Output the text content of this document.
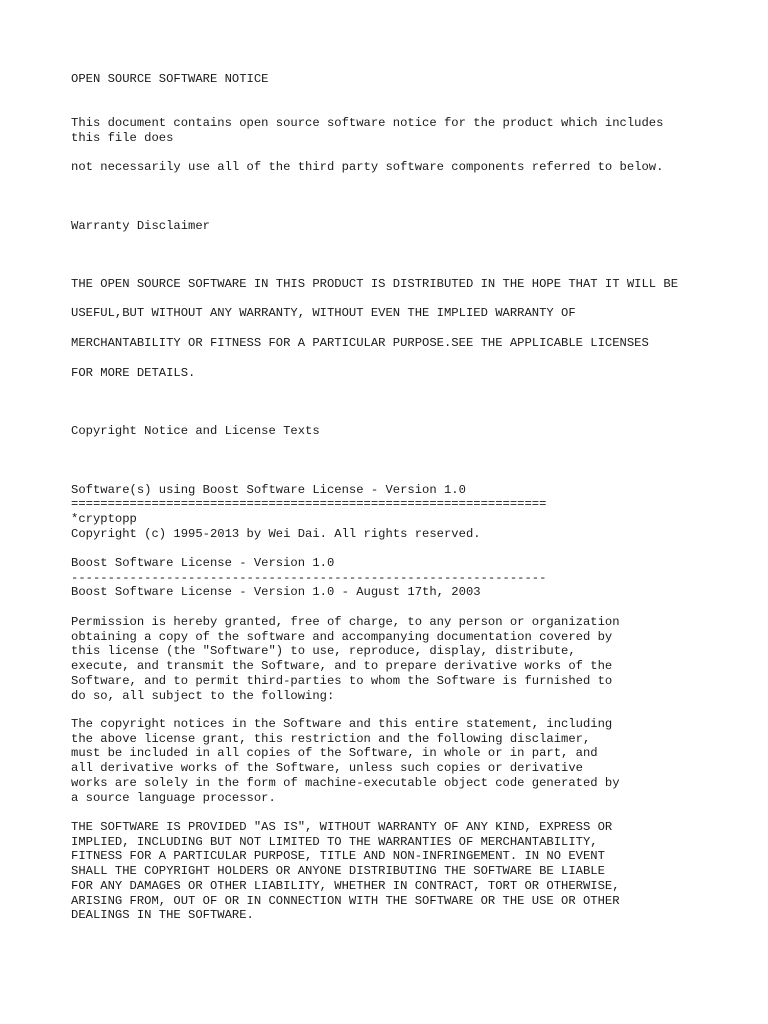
OPEN SOURCE SOFTWARE NOTICE
This document contains open source software notice for the product which includes
this file does
not necessarily use all of the third party software components referred to below.
Warranty Disclaimer
THE OPEN SOURCE SOFTWARE IN THIS PRODUCT IS DISTRIBUTED IN THE HOPE THAT IT WILL BE
USEFUL,BUT WITHOUT ANY WARRANTY, WITHOUT EVEN THE IMPLIED WARRANTY OF
MERCHANTABILITY OR FITNESS FOR A PARTICULAR PURPOSE.SEE THE APPLICABLE LICENSES
FOR MORE DETAILS.
Copyright Notice and License Texts
Software(s) using Boost Software License - Version 1.0
=================================================================
*cryptopp
Copyright (c) 1995-2013 by Wei Dai. All rights reserved.
Boost Software License - Version 1.0
-----------------------------------------------------------------
Boost Software License - Version 1.0 - August 17th, 2003
Permission is hereby granted, free of charge, to any person or organization
obtaining a copy of the software and accompanying documentation covered by
this license (the "Software") to use, reproduce, display, distribute,
execute, and transmit the Software, and to prepare derivative works of the
Software, and to permit third-parties to whom the Software is furnished to
do so, all subject to the following:
The copyright notices in the Software and this entire statement, including
the above license grant, this restriction and the following disclaimer,
must be included in all copies of the Software, in whole or in part, and
all derivative works of the Software, unless such copies or derivative
works are solely in the form of machine-executable object code generated by
a source language processor.
THE SOFTWARE IS PROVIDED "AS IS", WITHOUT WARRANTY OF ANY KIND, EXPRESS OR
IMPLIED, INCLUDING BUT NOT LIMITED TO THE WARRANTIES OF MERCHANTABILITY,
FITNESS FOR A PARTICULAR PURPOSE, TITLE AND NON-INFRINGEMENT. IN NO EVENT
SHALL THE COPYRIGHT HOLDERS OR ANYONE DISTRIBUTING THE SOFTWARE BE LIABLE
FOR ANY DAMAGES OR OTHER LIABILITY, WHETHER IN CONTRACT, TORT OR OTHERWISE,
ARISING FROM, OUT OF OR IN CONNECTION WITH THE SOFTWARE OR THE USE OR OTHER
DEALINGS IN THE SOFTWARE.
